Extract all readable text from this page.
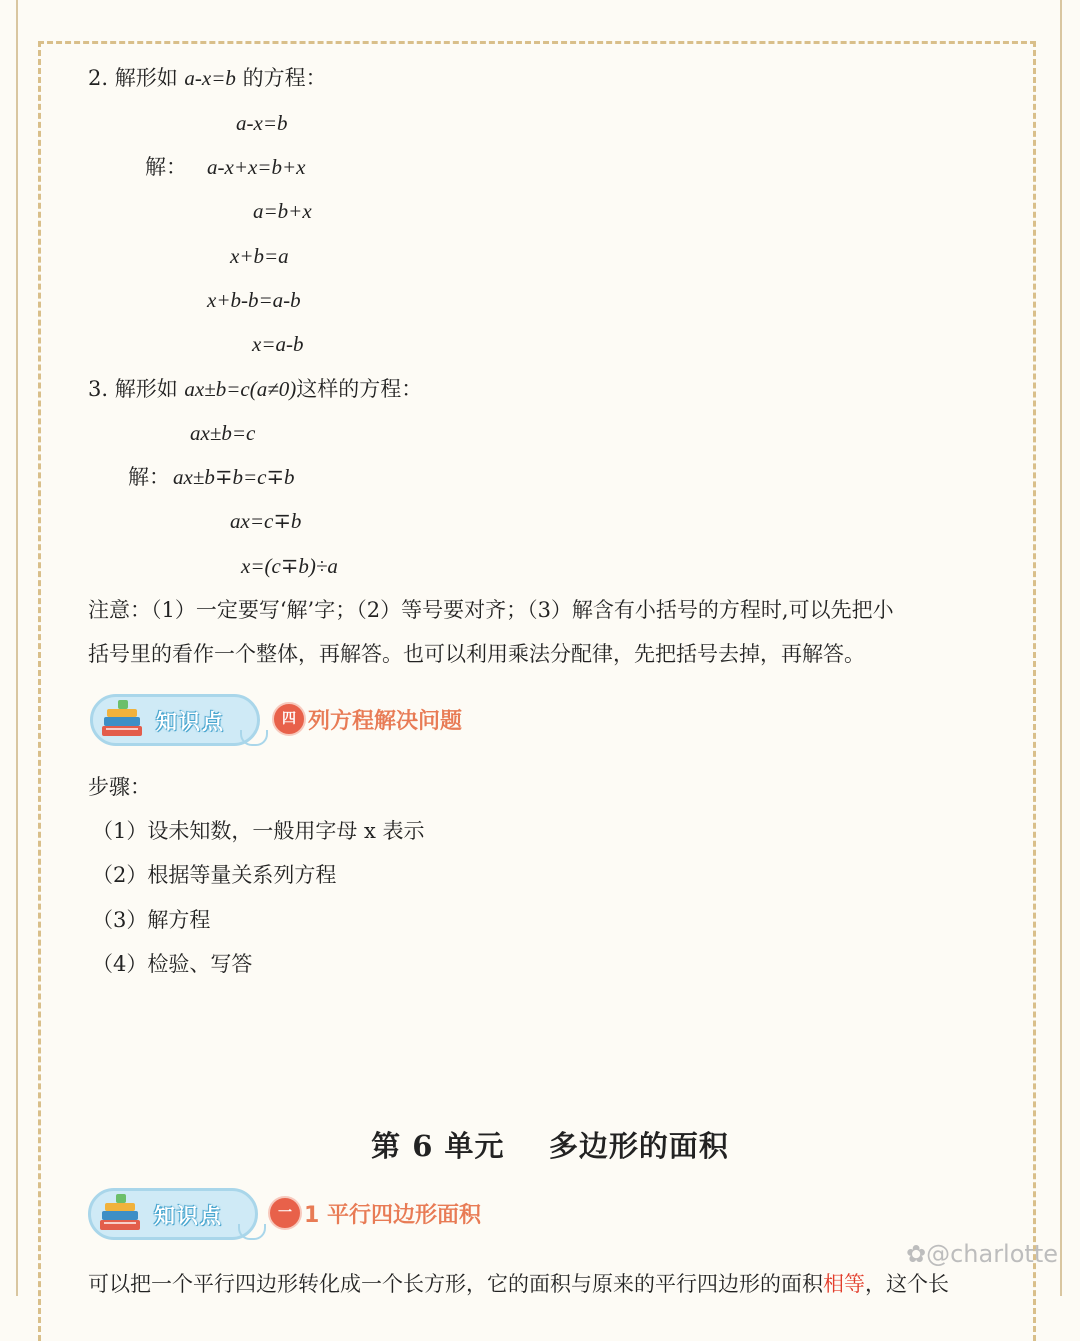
2. 解形如 a-x=b 的方程：
a-x=b
解： a-x+x=b+x
a=b+x
x+b=a
x+b-b=a-b
x=a-b
3. 解形如 ax±b=c(a≠0)这样的方程：
ax±b=c
解： ax±b∓b=c∓b
ax=c∓b
x=(c∓b)÷a
注意：（1）一定要写‘解’字；（2）等号要对齐；（3）解含有小括号的方程时,可以先把小
括号里的看作一个整体，再解答。也可以利用乘法分配律，先把括号去掉，再解答。
知识点	四 列方程解决问题
步骤：
（1）设未知数，一般用字母 x 表示
（2）根据等量关系列方程
（3）解方程
（4）检验、写答
第 6 单元    多边形的面积
知识点	一 1 平行四边形面积
可以把一个平行四边形转化成一个长方形，它的面积与原来的平行四边形的面积相等，这个长
✿@charlotte
